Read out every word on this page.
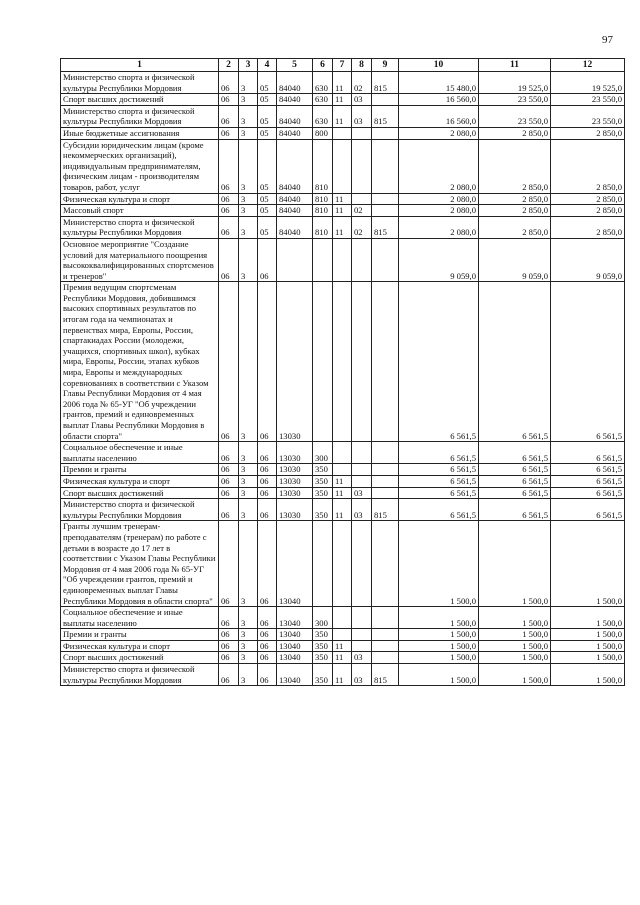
97
1	2	3	4	5	6	7	8	9	10	11	12
Министерство спорта и физической культуры Республики Мордовия	06	3	05	84040	630	11	02	815	15 480,0	19 525,0	19 525,0
Спорт высших достижений	06	3	05	84040	630	11	03		16 560,0	23 550,0	23 550,0
Министерство спорта и физической культуры Республики Мордовия	06	3	05	84040	630	11	03	815	16 560,0	23 550,0	23 550,0
Иные бюджетные ассигнования	06	3	05	84040	800				2 080,0	2 850,0	2 850,0
Субсидии юридическим лицам (кроме некоммерческих организаций), индивидуальным предпринимателям, физическим лицам - производителям товаров, работ, услуг	06	3	05	84040	810				2 080,0	2 850,0	2 850,0
Физическая культура и спорт	06	3	05	84040	810	11			2 080,0	2 850,0	2 850,0
Массовый спорт	06	3	05	84040	810	11	02		2 080,0	2 850,0	2 850,0
Министерство спорта и физической культуры Республики Мордовия	06	3	05	84040	810	11	02	815	2 080,0	2 850,0	2 850,0
Основное мероприятие "Создание условий для материального поощрения высококвалифицированных спортсменов и тренеров"	06	3	06						9 059,0	9 059,0	9 059,0
Премия ведущим спортсменам Республики Мордовия, добившимся высоких спортивных результатов по итогам года на чемпионатах и первенствах мира, Европы, России, спартакиадах России (молодежи, учащихся, спортивных школ), кубках мира, Европы, России, этапах кубков мира, Европы и международных соревнованиях в соответствии с Указом Главы Республики Мордовия от 4 мая 2006 года № 65-УГ "Об учреждении грантов, премий и единовременных выплат Главы Республики Мордовия в области спорта"	06	3	06	13030					6 561,5	6 561,5	6 561,5
Социальное обеспечение и иные выплаты населению	06	3	06	13030	300				6 561,5	6 561,5	6 561,5
Премии и гранты	06	3	06	13030	350				6 561,5	6 561,5	6 561,5
Физическая культура и спорт	06	3	06	13030	350	11			6 561,5	6 561,5	6 561,5
Спорт высших достижений	06	3	06	13030	350	11	03		6 561,5	6 561,5	6 561,5
Министерство спорта и физической культуры Республики Мордовия	06	3	06	13030	350	11	03	815	6 561,5	6 561,5	6 561,5
Гранты лучшим тренерам-преподавателям (тренерам) по работе с детьми в возрасте до 17 лет в соответствии с Указом Главы Республики Мордовия от 4 мая 2006 года № 65-УГ "Об учреждении грантов, премий и единовременных выплат Главы Республики Мордовия в области спорта"	06	3	06	13040					1 500,0	1 500,0	1 500,0
Социальное обеспечение и иные выплаты населению	06	3	06	13040	300				1 500,0	1 500,0	1 500,0
Премии и гранты	06	3	06	13040	350				1 500,0	1 500,0	1 500,0
Физическая культура и спорт	06	3	06	13040	350	11			1 500,0	1 500,0	1 500,0
Спорт высших достижений	06	3	06	13040	350	11	03		1 500,0	1 500,0	1 500,0
Министерство спорта и физической культуры Республики Мордовия	06	3	06	13040	350	11	03	815	1 500,0	1 500,0	1 500,0
